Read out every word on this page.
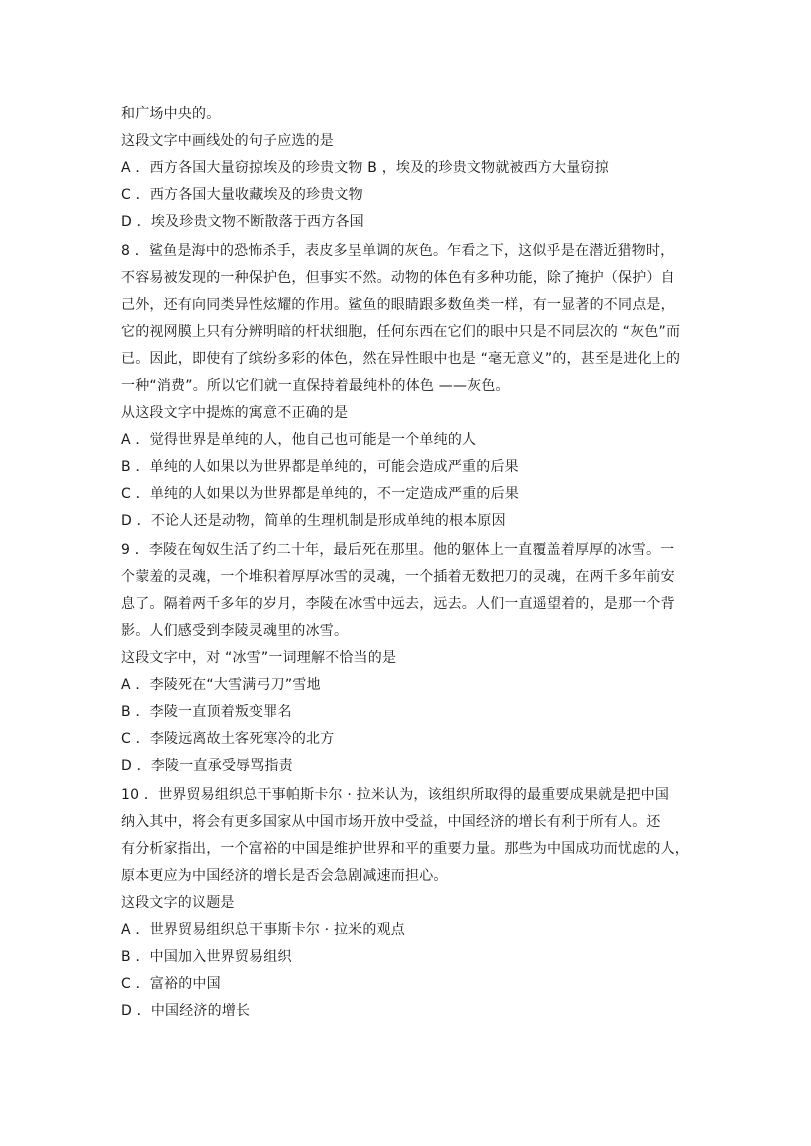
和广场中央的。
这段文字中画线处的句子应选的是
A ．西方各国大量窃掠埃及的珍贵文物 B ，埃及的珍贵文物就被西方大量窃掠
C ．西方各国大量收藏埃及的珍贵文物
D ．埃及珍贵文物不断散落于西方各国
8 ．鲨鱼是海中的恐怖杀手，表皮多呈单调的灰色。乍看之下，这似乎是在潜近猎物时，
不容易被发现的一种保护色，但事实不然。动物的体色有多种功能，除了掩护（保护）自
己外，还有向同类异性炫耀的作用。鲨鱼的眼睛跟多数鱼类一样，有一显著的不同点是，
它的视网膜上只有分辨明暗的杆状细胞，任何东西在它们的眼中只是不同层次的 “灰色”而
已。因此，即使有了缤纷多彩的体色，然在异性眼中也是 “毫无意义”的，甚至是进化上的
一种“消费”。所以它们就一直保持着最纯朴的体色 ——灰色。
从这段文字中提炼的寓意不正确的是
A ．觉得世界是单纯的人，他自己也可能是一个单纯的人
B ．单纯的人如果以为世界都是单纯的，可能会造成严重的后果
C ．单纯的人如果以为世界都是单纯的，不一定造成严重的后果
D ．不论人还是动物，简单的生理机制是形成单纯的根本原因
9 ．李陵在匈奴生活了约二十年，最后死在那里。他的躯体上一直覆盖着厚厚的冰雪。一
个蒙羞的灵魂，一个堆积着厚厚冰雪的灵魂，一个插着无数把刀的灵魂，在两千多年前安
息了。隔着两千多年的岁月，李陵在冰雪中远去，远去。人们一直遥望着的，是那一个背
影。人们感受到李陵灵魂里的冰雪。
这段文字中，对 “冰雪”一词理解不恰当的是
A ．李陵死在“大雪满弓刀”雪地
B ．李陵一直顶着叛变罪名
C ．李陵远离故土客死寒冷的北方
D ．李陵一直承受辱骂指责
10 ．世界贸易组织总干事帕斯卡尔 · 拉米认为，该组织所取得的最重要成果就是把中国
纳入其中，将会有更多国家从中国市场开放中受益，中国经济的增长有利于所有人。还
有分析家指出，一个富裕的中国是维护世界和平的重要力量。那些为中国成功而忧虑的人，
原本更应为中国经济的增长是否会急剧减速而担心。
这段文字的议题是
A ．世界贸易组织总干事斯卡尔 · 拉米的观点
B ．中国加入世界贸易组织
C ．富裕的中国
D ．中国经济的增长
